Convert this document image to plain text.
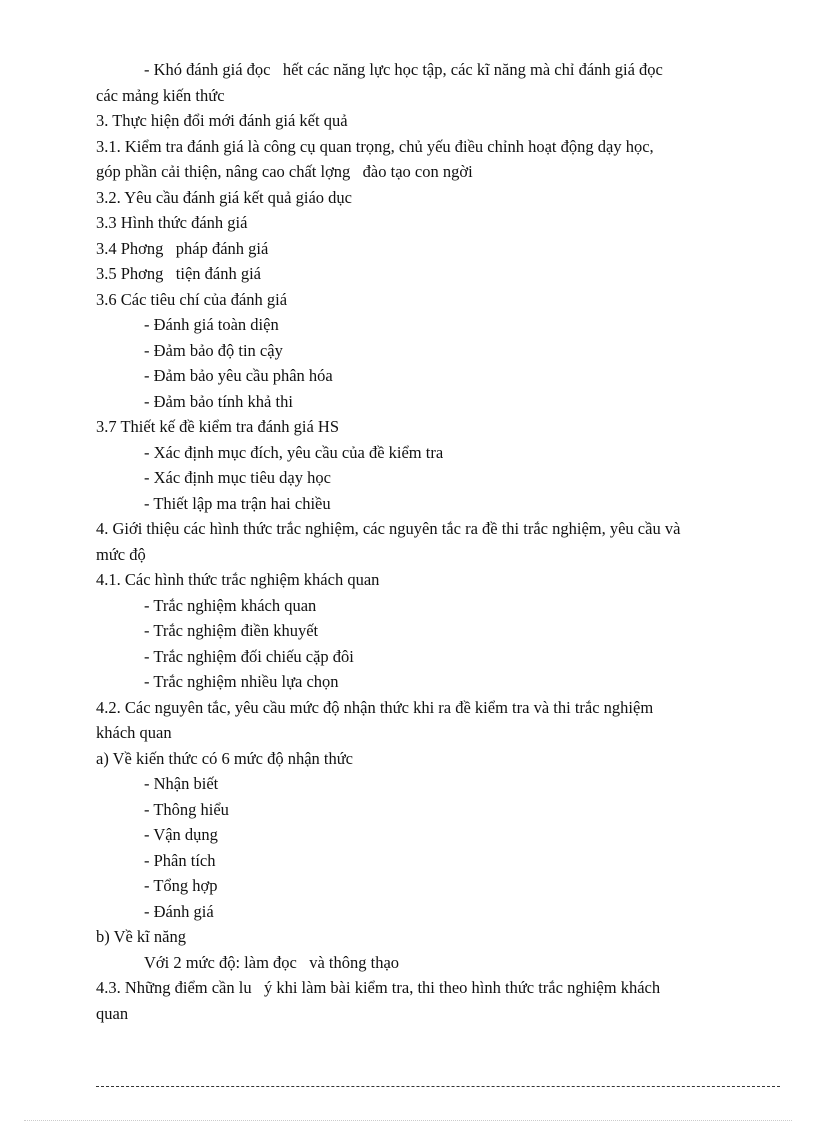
- Khó đánh giá đọc   hết các năng lực học tập, các kĩ năng mà chỉ đánh giá đọc

các mảng kiến thức

3. Thực hiện đổi mới đánh giá kết quả

3.1. Kiểm tra đánh giá là công cụ quan trọng, chủ yếu điều chỉnh hoạt động dạy học,

góp phần cải thiện, nâng cao chất lợng   đào tạo con ngời

3.2. Yêu cầu đánh giá kết quả giáo dục

3.3 Hình thức đánh giá

3.4 Phơng   pháp đánh giá

3.5 Phơng   tiện đánh giá

3.6 Các tiêu chí của đánh giá

- Đánh giá toàn diện

- Đảm bảo độ tin cậy

- Đảm bảo yêu cầu phân hóa

- Đảm bảo tính khả thi

3.7 Thiết kế đề kiểm tra đánh giá HS

- Xác định mục đích, yêu cầu của đề kiểm tra

- Xác định mục tiêu dạy học

- Thiết lập ma trận hai chiều

4. Giới thiệu các hình thức trắc nghiệm, các nguyên tắc ra đề thi trắc nghiệm, yêu cầu và

mức độ

4.1. Các hình thức trắc nghiệm khách quan

- Trắc nghiệm khách quan

- Trắc nghiệm điền khuyết

- Trắc nghiệm đối chiếu cặp đôi

- Trắc nghiệm nhiều lựa chọn

4.2. Các nguyên tắc, yêu cầu mức độ nhận thức khi ra đề kiểm tra và thi trắc nghiệm

khách quan

a) Về kiến thức có 6 mức độ nhận thức

- Nhận biết

- Thông hiểu

- Vận dụng

- Phân tích

- Tổng hợp

- Đánh giá

b) Về kĩ năng

Với 2 mức độ: làm đọc   và thông thạo

4.3. Những điểm cần lu   ý khi làm bài kiểm tra, thi theo hình thức trắc nghiệm khách

quan
